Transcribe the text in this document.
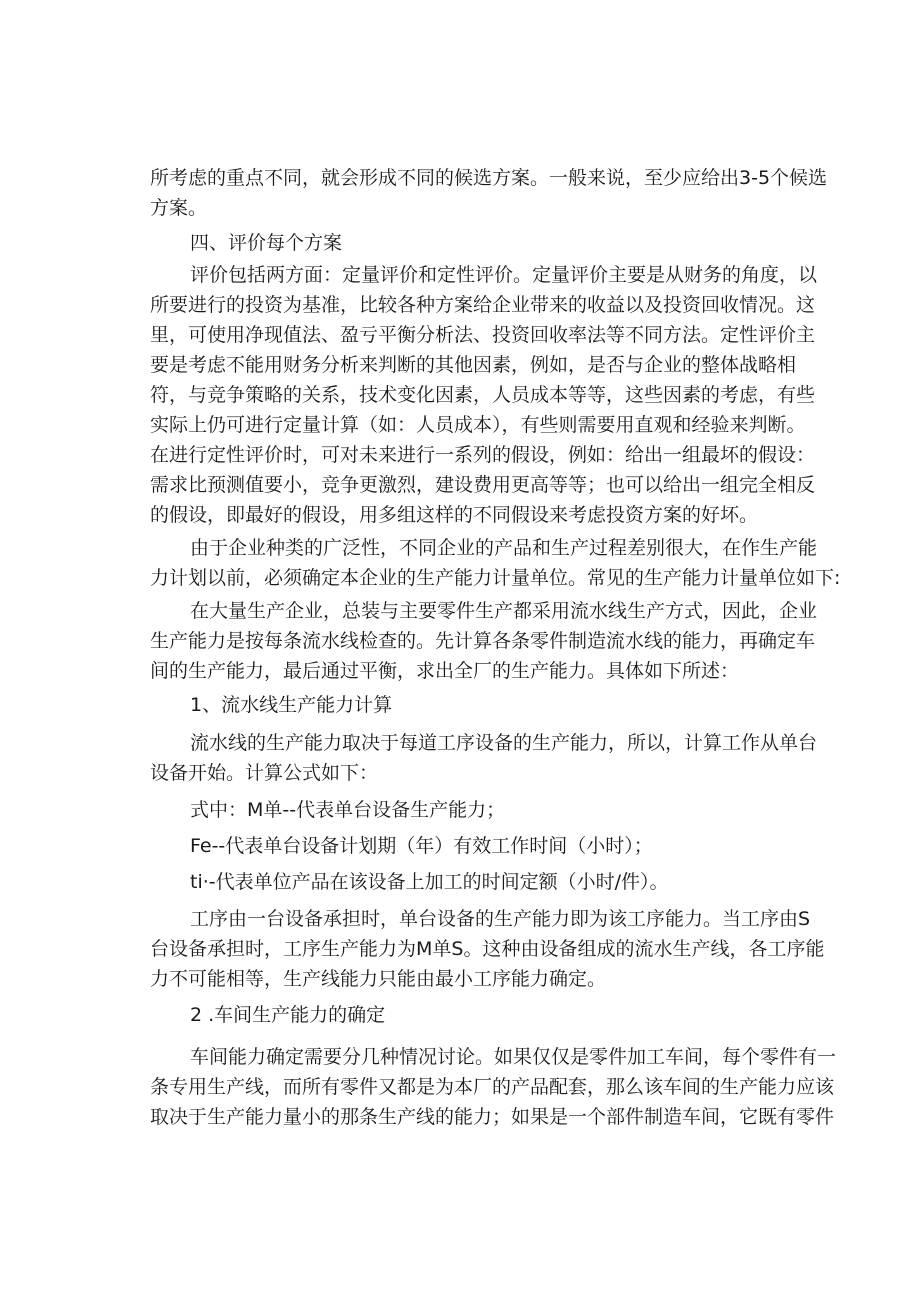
所考虑的重点不同，就会形成不同的候选方案。一般来说，至少应给出3-5个候选
方案。
四、评价每个方案
评价包括两方面：定量评价和定性评价。定量评价主要是从财务的角度，以
所要进行的投资为基准，比较各种方案给企业带来的收益以及投资回收情况。这
里，可使用净现值法、盈亏平衡分析法、投资回收率法等不同方法。定性评价主
要是考虑不能用财务分析来判断的其他因素，例如，是否与企业的整体战略相
符，与竞争策略的关系，技术变化因素，人员成本等等，这些因素的考虑，有些
实际上仍可进行定量计算（如：人员成本），有些则需要用直观和经验来判断。
在进行定性评价时，可对未来进行一系列的假设，例如：给出一组最坏的假设：
需求比预测值要小，竞争更激烈，建设费用更高等等；也可以给出一组完全相反
的假设，即最好的假设，用多组这样的不同假设来考虑投资方案的好坏。
由于企业种类的广泛性，不同企业的产品和生产过程差别很大，在作生产能
力计划以前，必须确定本企业的生产能力计量单位。常见的生产能力计量单位如下:
在大量生产企业，总装与主要零件生产都采用流水线生产方式，因此，企业
生产能力是按每条流水线检查的。先计算各条零件制造流水线的能力，再确定车
间的生产能力，最后通过平衡，求出全厂的生产能力。具体如下所述：
1、流水线生产能力计算
流水线的生产能力取决于每道工序设备的生产能力，所以，计算工作从单台
设备开始。计算公式如下：
式中：M单--代表单台设备生产能力；
Fe--代表单台设备计划期（年）有效工作时间（小时）；
ti·-代表单位产品在该设备上加工的时间定额（小时/件）。
工序由一台设备承担时，单台设备的生产能力即为该工序能力。当工序由S
台设备承担时，工序生产能力为M单S。这种由设备组成的流水生产线，各工序能
力不可能相等，生产线能力只能由最小工序能力确定。
2 .车间生产能力的确定
车间能力确定需要分几种情况讨论。如果仅仅是零件加工车间，每个零件有一
条专用生产线，而所有零件又都是为本厂的产品配套，那么该车间的生产能力应该
取决于生产能力量小的那条生产线的能力；如果是一个部件制造车间，它既有零件
